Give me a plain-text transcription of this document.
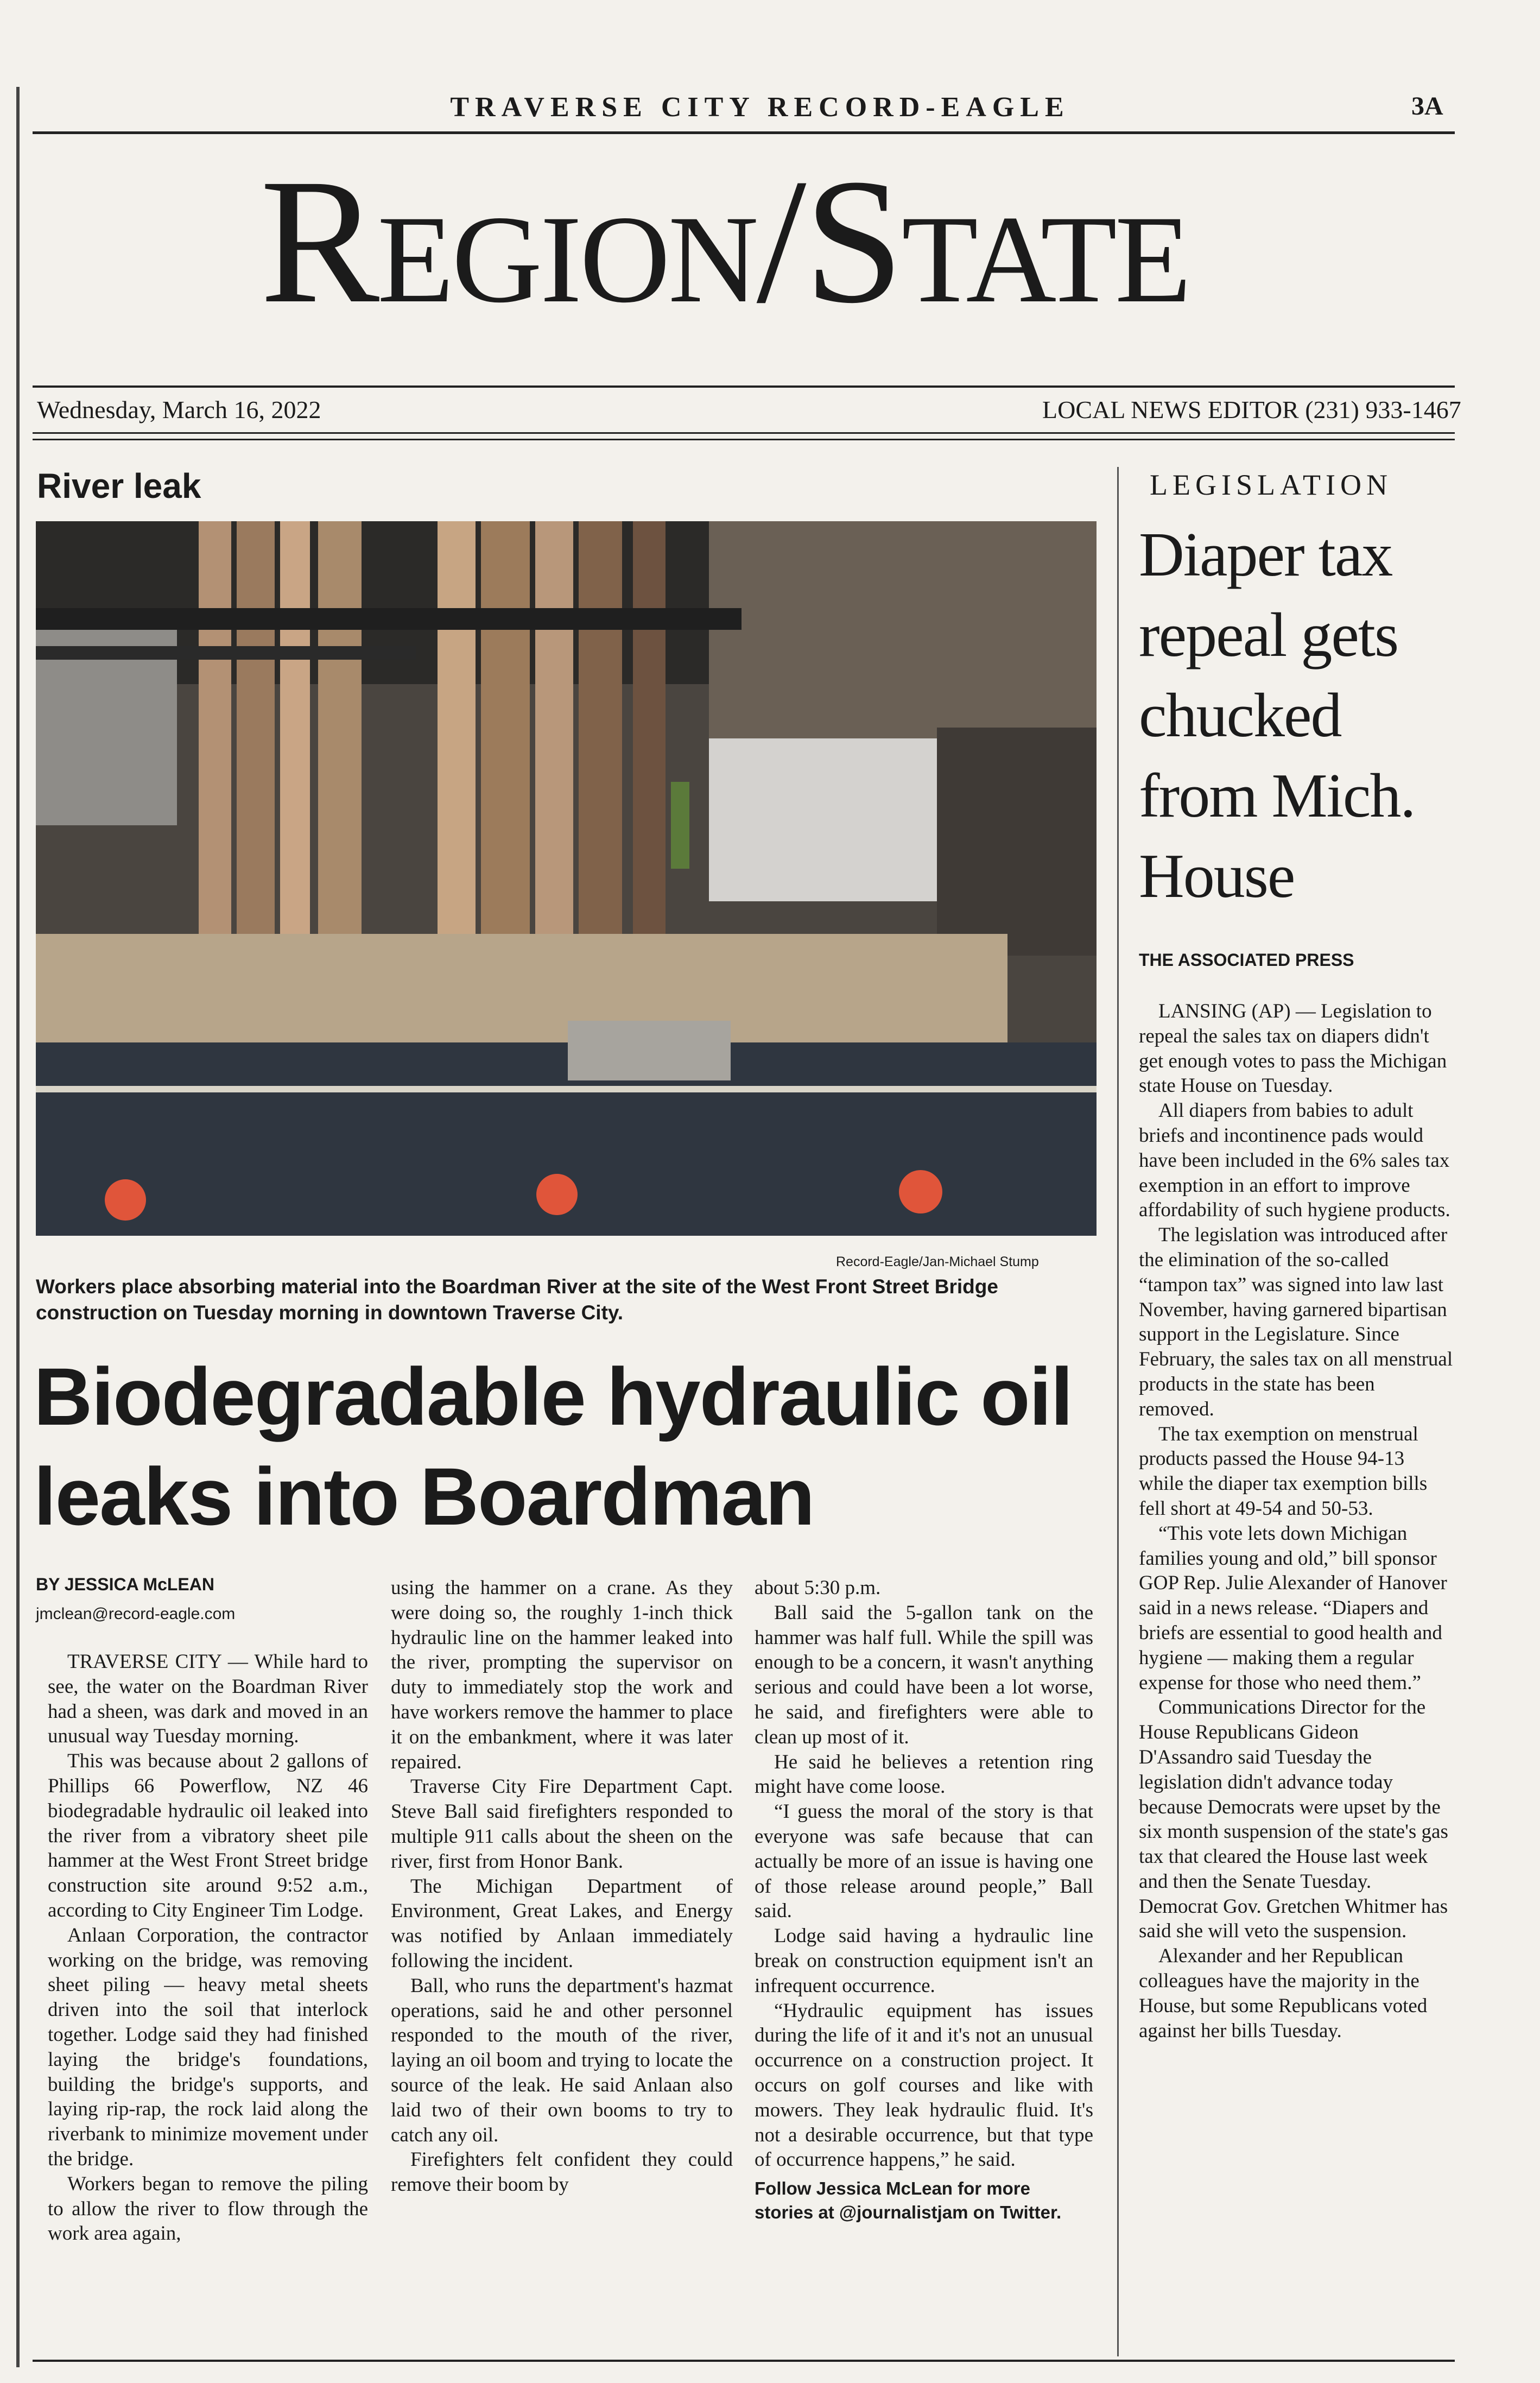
TRAVERSE CITY RECORD-EAGLE	3A
Region/State
Wednesday, March 16, 2022	LOCAL NEWS EDITOR (231) 933-1467
River leak
Record-Eagle/Jan-Michael Stump
Workers place absorbing material into the Boardman River at the site of the West Front Street Bridge construction on Tuesday morning in downtown Traverse City.
Biodegradable hydraulic oil leaks into Boardman
BY JESSICA McLEAN
jmclean@record-eagle.com

TRAVERSE CITY — While hard to see, the water on the Boardman River had a sheen, was dark and moved in an unusual way Tuesday morning.

This was because about 2 gallons of Phillips 66 Powerflow, NZ 46 biodegradable hydraulic oil leaked into the river from a vibratory sheet pile hammer at the West Front Street bridge construction site around 9:52 a.m., according to City Engineer Tim Lodge.

Anlaan Corporation, the contractor working on the bridge, was removing sheet piling — heavy metal sheets driven into the soil that interlock together. Lodge said they had finished laying the bridge's foundations, building the bridge's supports, and laying rip-rap, the rock laid along the riverbank to minimize movement under the bridge.

Workers began to remove the piling to allow the river to flow through the work area again,

using the hammer on a crane. As they were doing so, the roughly 1-inch thick hydraulic line on the hammer leaked into the river, prompting the supervisor on duty to immediately stop the work and have workers remove the hammer to place it on the embankment, where it was later repaired.

Traverse City Fire Department Capt. Steve Ball said firefighters responded to multiple 911 calls about the sheen on the river, first from Honor Bank.

The Michigan Department of Environment, Great Lakes, and Energy was notified by Anlaan immediately following the incident.

Ball, who runs the department's hazmat operations, said he and other personnel responded to the mouth of the river, laying an oil boom and trying to locate the source of the leak. He said Anlaan also laid two of their own booms to try to catch any oil.

Firefighters felt confident they could remove their boom by

about 5:30 p.m.

Ball said the 5-gallon tank on the hammer was half full. While the spill was enough to be a concern, it wasn't anything serious and could have been a lot worse, he said, and firefighters were able to clean up most of it.

He said he believes a retention ring might have come loose.

“I guess the moral of the story is that everyone was safe because that can actually be more of an issue is having one of those release around people,” Ball said.

Lodge said having a hydraulic line break on construction equipment isn't an infrequent occurrence.

“Hydraulic equipment has issues during the life of it and it's not an unusual occurrence on a construction project. It occurs on golf courses and like with mowers. They leak hydraulic fluid. It's not a desirable occurrence, but that type of occurrence happens,” he said.

Follow Jessica McLean for more stories at @journalistjam on Twitter.
LEGISLATION
Diaper tax repeal gets chucked from Mich. House
THE ASSOCIATED PRESS

LANSING (AP) — Legislation to repeal the sales tax on diapers didn't get enough votes to pass the Michigan state House on Tuesday.

All diapers from babies to adult briefs and incontinence pads would have been included in the 6% sales tax exemption in an effort to improve affordability of such hygiene products.

The legislation was introduced after the elimination of the so-called “tampon tax” was signed into law last November, having garnered bipartisan support in the Legislature. Since February, the sales tax on all menstrual products in the state has been removed.

The tax exemption on menstrual products passed the House 94-13 while the diaper tax exemption bills fell short at 49-54 and 50-53.

“This vote lets down Michigan families young and old,” bill sponsor GOP Rep. Julie Alexander of Hanover said in a news release. “Diapers and briefs are essential to good health and hygiene — making them a regular expense for those who need them.”

Communications Director for the House Republicans Gideon D'Assandro said Tuesday the legislation didn't advance today because Democrats were upset by the six month suspension of the state's gas tax that cleared the House last week and then the Senate Tuesday. Democrat Gov. Gretchen Whitmer has said she will veto the suspension.

Alexander and her Republican colleagues have the majority in the House, but some Republicans voted against her bills Tuesday.
